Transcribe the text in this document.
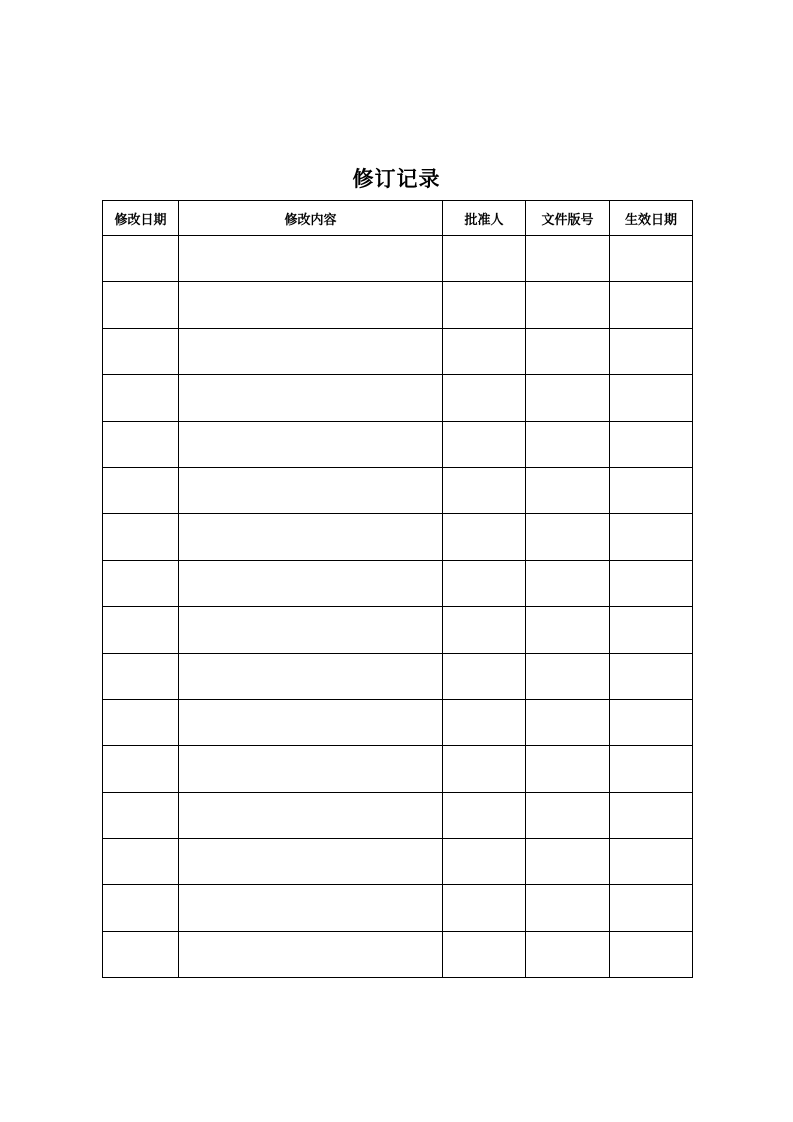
修订记录
修改日期	修改内容	批准人	文件版号	生效日期
